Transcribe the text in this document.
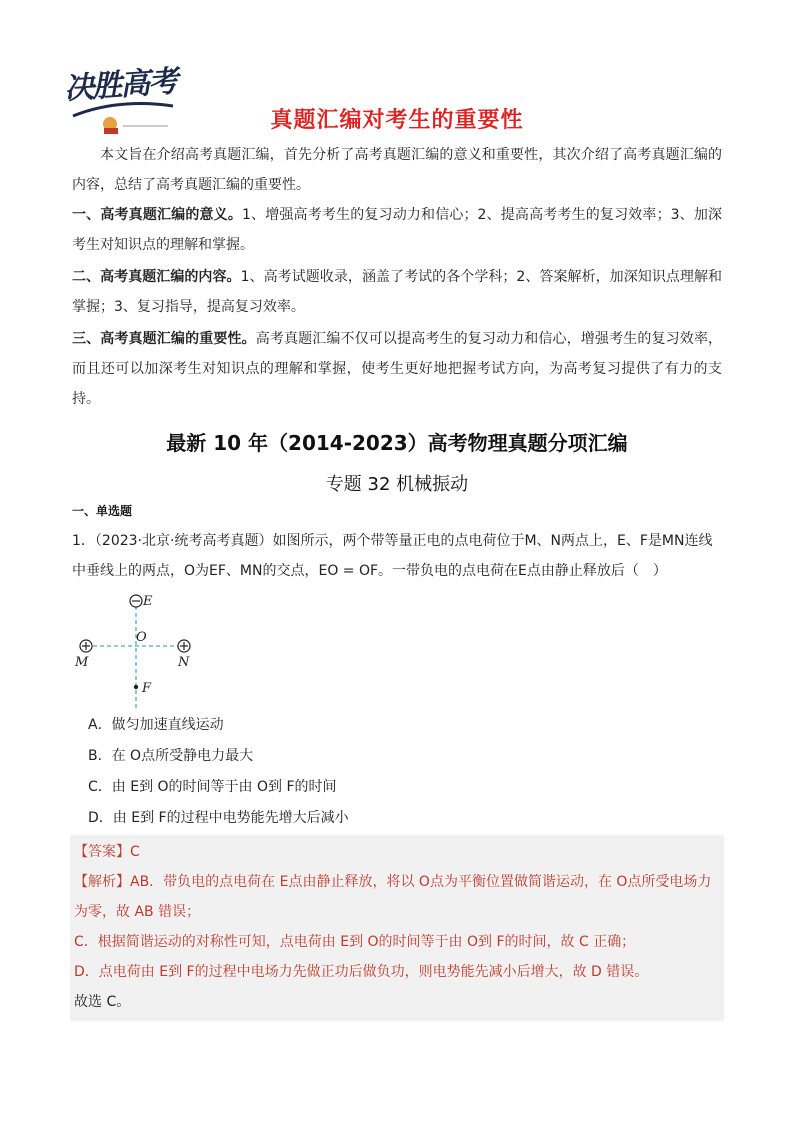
决胜高考
真题汇编对考生的重要性
本文旨在介绍高考真题汇编，首先分析了高考真题汇编的意义和重要性，其次介绍了高考真题汇编的内容，总结了高考真题汇编的重要性。
一、高考真题汇编的意义。1、增强高考考生的复习动力和信心；2、提高高考考生的复习效率；3、加深考生对知识点的理解和掌握。
二、高考真题汇编的内容。1、高考试题收录，涵盖了考试的各个学科；2、答案解析，加深知识点理解和掌握；3、复习指导，提高复习效率。
三、高考真题汇编的重要性。高考真题汇编不仅可以提高考生的复习动力和信心，增强考生的复习效率，而且还可以加深考生对知识点的理解和掌握，使考生更好地把握考试方向，为高考复习提供了有力的支持。
最新 10 年（2014-2023）高考物理真题分项汇编
专题 32 机械振动
一、单选题
1．（2023·北京·统考高考真题）如图所示，两个带等量正电的点电荷位于M、N两点上，E、F是MN连线中垂线上的两点，O为EF、MN的交点，EO = OF。一带负电的点电荷在E点由静止释放后（　）
E
O
M	N
F
A．做匀加速直线运动
B．在 O点所受静电力最大
C．由 E到 O的时间等于由 O到 F的时间
D．由 E到 F的过程中电势能先增大后减小
【答案】C
【解析】AB．带负电的点电荷在 E点由静止释放，将以 O点为平衡位置做简谐运动，在 O点所受电场力为零，故 AB 错误；
C．根据简谐运动的对称性可知，点电荷由 E到 O的时间等于由 O到 F的时间，故 C 正确；
D．点电荷由 E到 F的过程中电场力先做正功后做负功，则电势能先减小后增大，故 D 错误。
故选 C。
